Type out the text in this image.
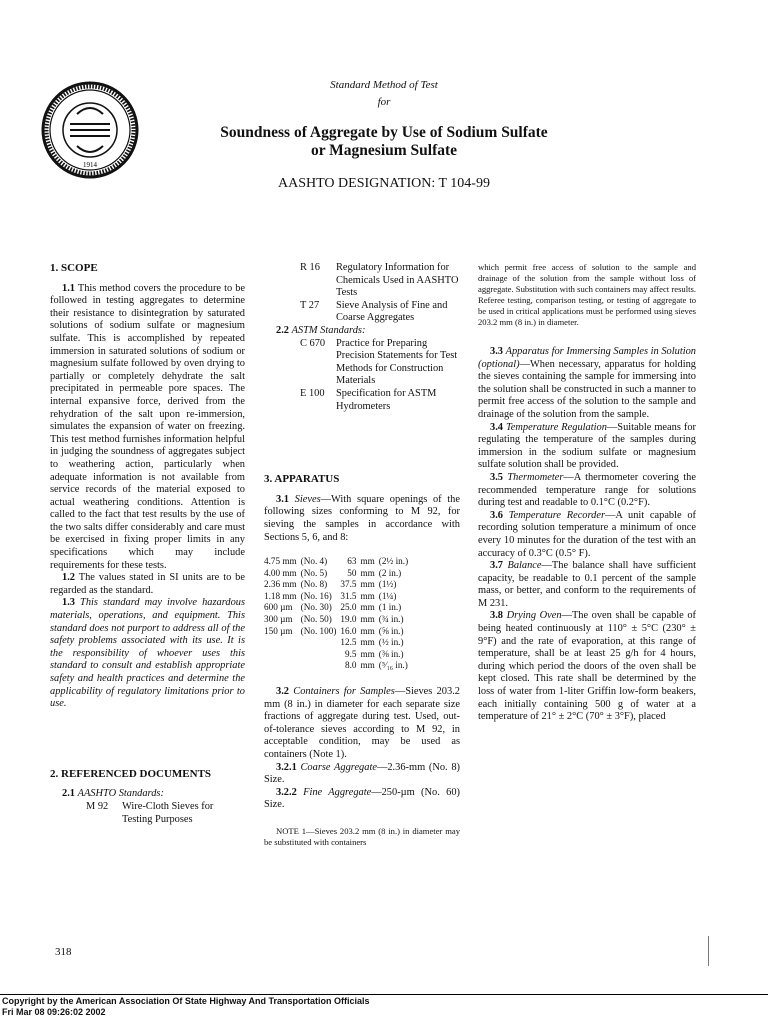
1914
Standard Method of Test
for
Soundness of Aggregate by Use of Sodium Sulfate
or Magnesium Sulfate
AASHTO DESIGNATION: T 104-99
1. SCOPE

1.1 This method covers the procedure to be followed in testing aggregates to determine their resistance to disintegration by saturated solutions of sodium sulfate or magnesium sulfate. This is accomplished by repeated immersion in saturated solutions of sodium or magnesium sulfate followed by oven drying to partially or completely dehydrate the salt precipitated in permeable pore spaces. The internal expansive force, derived from the rehydration of the salt upon re-immersion, simulates the expansion of water on freezing. This test method furnishes information helpful in judging the soundness of aggregates subject to weathering action, particularly when adequate information is not available from service records of the material exposed to actual weathering conditions. Attention is called to the fact that test results by the use of the two salts differ considerably and care must be exercised in fixing proper limits in any specifications which may include requirements for these tests.

1.2 The values stated in SI units are to be regarded as the standard.

1.3 This standard may involve hazardous materials, operations, and equipment. This standard does not purport to address all of the safety problems associated with its use. It is the responsibility of whoever uses this standard to consult and establish appropriate safety and health practices and determine the applicability of regulatory limitations prior to use.

2. REFERENCED DOCUMENTS
2.1 AASHTO Standards:
M 92	Wire-Cloth Sieves for Testing Purposes
R 16	Regulatory Information for Chemicals Used in AASHTO Tests
T 27	Sieve Analysis of Fine and Coarse Aggregates
2.2 ASTM Standards:
C 670	Practice for Preparing Precision Statements for Test Methods for Construction Materials
E 100	Specification for ASTM Hydrometers
3. APPARATUS

3.1 Sieves—With square openings of the following sizes conforming to M 92, for sieving the samples in accordance with Sections 5, 6, and 8:

4.75 mm	(No. 4)	63	mm	(2½ in.)
4.00 mm	(No. 5)	50	mm	(2 in.)
2.36 mm	(No. 8)	37.5	mm	(1½)
1.18 mm	(No. 16)	31.5	mm	(1¼)
600 µm	(No. 30)	25.0	mm	(1 in.)
300 µm	(No. 50)	19.0	mm	(¾ in.)
150 µm	(No. 100)	16.0	mm	(⅝ in.)
		12.5	mm	(½ in.)
		9.5	mm	(⅜ in.)
		8.0	mm	(⁵⁄₁₆ in.)

3.2 Containers for Samples—Sieves 203.2 mm (8 in.) in diameter for each separate size fractions of aggregate during test. Used, out-of-tolerance sieves according to M 92, in acceptable condition, may be used as containers (Note 1).

3.2.1 Coarse Aggregate—2.36-mm (No. 8) Size.

3.2.2 Fine Aggregate—250-µm (No. 60) Size.

NOTE 1—Sieves 203.2 mm (8 in.) in diameter may be substituted with containers
which permit free access of solution to the sample and drainage of the solution from the sample without loss of aggregate. Substitution with such containers may affect results. Referee testing, comparison testing, or testing of aggregate to be used in critical applications must be performed using sieves 203.2 mm (8 in.) in diameter.

3.3 Apparatus for Immersing Samples in Solution (optional)—When necessary, apparatus for holding the sieves containing the sample for immersing into the solution shall be constructed in such a manner to permit free access of the solution to the sample and drainage of the solution from the sample.

3.4 Temperature Regulation—Suitable means for regulating the temperature of the samples during immersion in the sodium sulfate or magnesium sulfate solution shall be provided.

3.5 Thermometer—A thermometer covering the recommended temperature range for solutions during test and readable to 0.1°C (0.2°F).

3.6 Temperature Recorder—A unit capable of recording solution temperature a minimum of once every 10 minutes for the duration of the test with an accuracy of 0.3°C (0.5° F).

3.7 Balance—The balance shall have sufficient capacity, be readable to 0.1 percent of the sample mass, or better, and conform to the requirements of M 231.

3.8 Drying Oven—The oven shall be capable of being heated continuously at 110° ± 5°C (230° ± 9°F) and the rate of evaporation, at this range of temperature, shall be at least 25 g/h for 4 hours, during which period the doors of the oven shall be kept closed. This rate shall be determined by the loss of water from 1-liter Griffin low-form beakers, each initially containing 500 g of water at a temperature of 21° ± 2°C (70° ± 3°F), placed

318
Copyright by the American Association Of State Highway And Transportation Officials
Fri Mar 08 09:26:02 2002
